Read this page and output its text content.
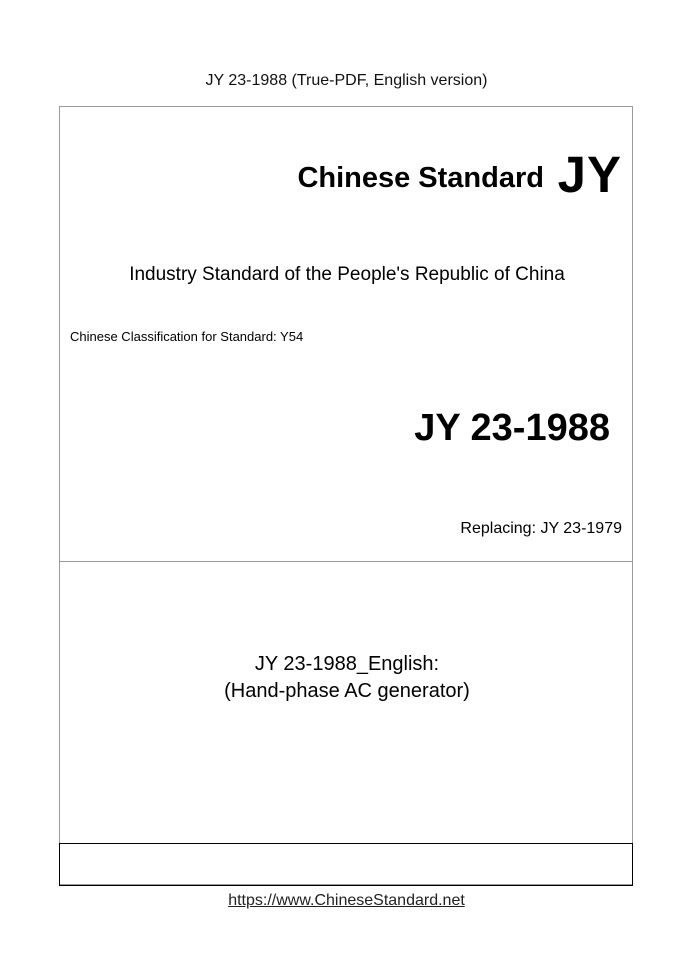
JY 23-1988 (True-PDF, English version)
Chinese Standard JY
Industry Standard of the People's Republic of China
Chinese Classification for Standard: Y54
JY 23-1988
Replacing: JY 23-1979
JY 23-1988_English:
(Hand-phase AC generator)
https://www.ChineseStandard.net
